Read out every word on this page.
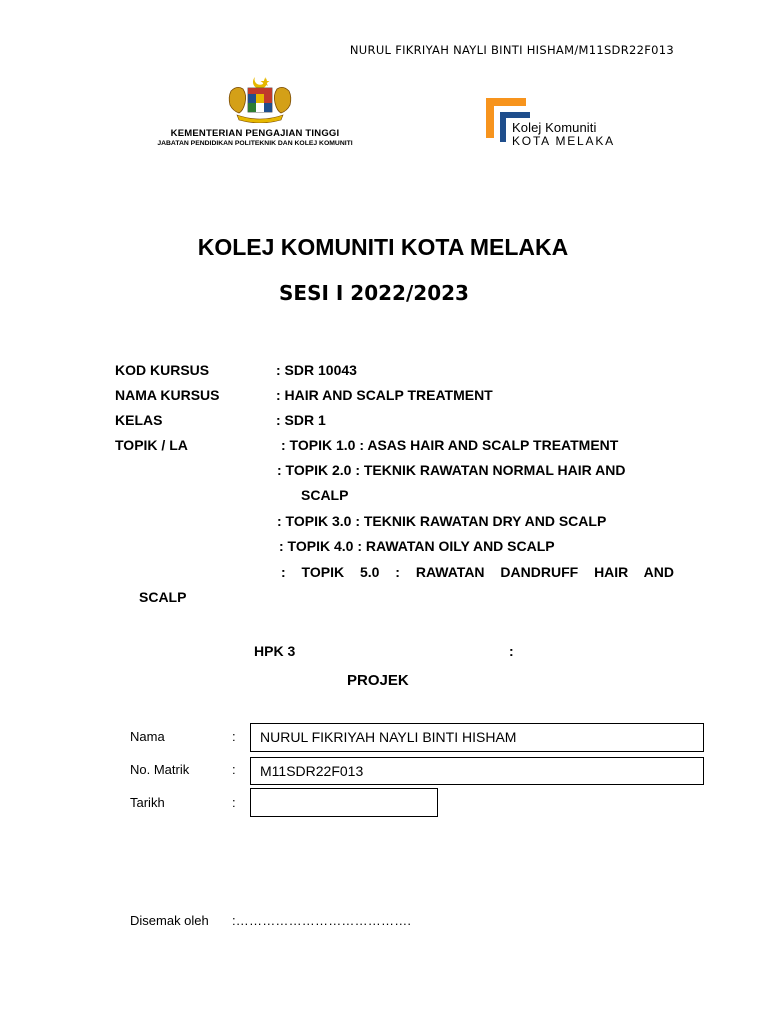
NURUL FIKRIYAH NAYLI BINTI HISHAM/M11SDR22F013
KEMENTERIAN PENGAJIAN TINGGI
JABATAN PENDIDIKAN POLITEKNIK DAN KOLEJ KOMUNITI
Kolej Komuniti
KOTA MELAKA
KOLEJ KOMUNITI KOTA MELAKA
SESI I 2022/2023
KOD KURSUS	: SDR 10043
NAMA KURSUS	: HAIR AND SCALP TREATMENT
KELAS	: SDR 1
TOPIK / LA	: TOPIK 1.0 : ASAS HAIR AND SCALP TREATMENT
: TOPIK 2.0 : TEKNIK RAWATAN NORMAL HAIR AND
SCALP
: TOPIK 3.0 : TEKNIK RAWATAN DRY AND SCALP
: TOPIK 4.0 : RAWATAN OILY AND SCALP
: TOPIK 5.0 : RAWATAN DANDRUFF HAIR AND
SCALP
HPK 3	:
PROJEK
Nama	:	NURUL FIKRIYAH NAYLI BINTI HISHAM
No. Matrik	:	M11SDR22F013
Tarikh	:
Disemak oleh :………………………………….
